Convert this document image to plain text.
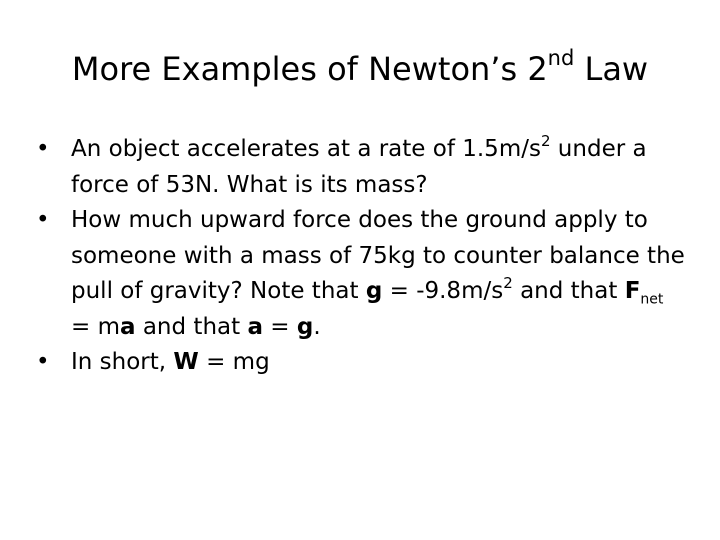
More Examples of Newton’s 2nd Law
• An object accelerates at a rate of $1.5m/s^2$ under a force of 53N. What is its mass?
• How much upward force does the ground apply to someone with a mass of 75kg to counter balance the pull of gravity? Note that $g = -9.8m/s^2$ and that $F_{net}$ = ma and that a = g.
• In short, W = mg
